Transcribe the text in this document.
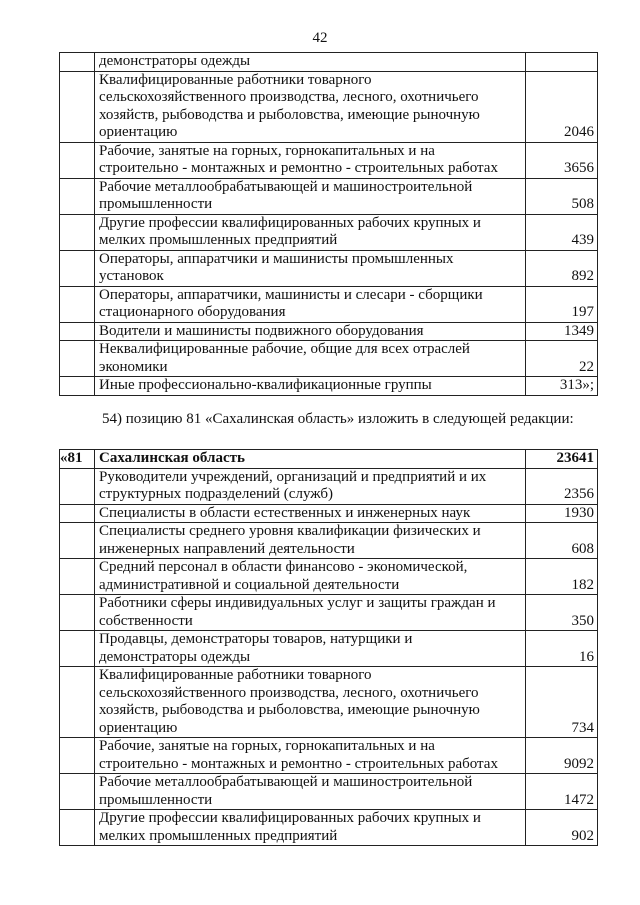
42
	демонстраторы одежды	
	Квалифицированные работники товарного
сельскохозяйственного производства, лесного, охотничьего
хозяйств, рыбоводства и рыболовства, имеющие рыночную
ориентацию	2046
	Рабочие, занятые на горных, горнокапитальных и на
строительно - монтажных и ремонтно - строительных работах	3656
	Рабочие металлообрабатывающей и машиностроительной
промышленности	508
	Другие профессии квалифицированных рабочих крупных и
мелких промышленных предприятий	439
	Операторы, аппаратчики и машинисты промышленных
установок	892
	Операторы, аппаратчики, машинисты и слесари - сборщики
стационарного оборудования	197
	Водители и машинисты подвижного оборудования	1349
	Неквалифицированные рабочие, общие для всех отраслей
экономики	22
	Иные профессионально-квалификационные группы	313»;
54) позицию 81 «Сахалинская область» изложить в следующей редакции:
«81	Сахалинская область	23641
	Руководители учреждений, организаций и предприятий и их
структурных подразделений (служб)	2356
	Специалисты в области естественных и инженерных наук	1930
	Специалисты среднего уровня квалификации физических и
инженерных направлений деятельности	608
	Средний персонал в области финансово - экономической,
административной и социальной деятельности	182
	Работники сферы индивидуальных услуг и защиты граждан и
собственности	350
	Продавцы, демонстраторы товаров, натурщики и
демонстраторы одежды	16
	Квалифицированные работники товарного
сельскохозяйственного производства, лесного, охотничьего
хозяйств, рыбоводства и рыболовства, имеющие рыночную
ориентацию	734
	Рабочие, занятые на горных, горнокапитальных и на
строительно - монтажных и ремонтно - строительных работах	9092
	Рабочие металлообрабатывающей и машиностроительной
промышленности	1472
	Другие профессии квалифицированных рабочих крупных и
мелких промышленных предприятий	902
